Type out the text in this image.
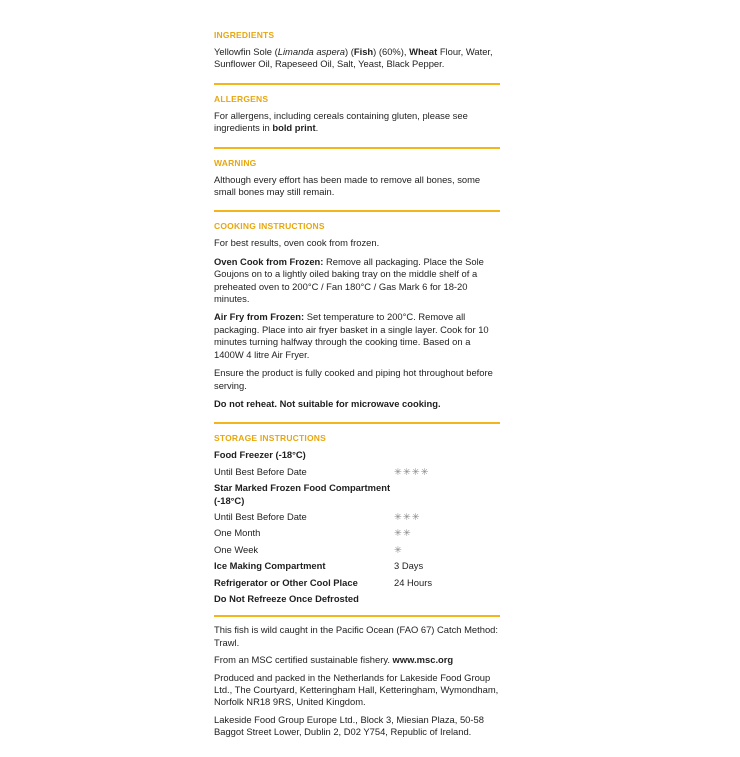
INGREDIENTS

Yellowfin Sole (Limanda aspera) (Fish) (60%), Wheat Flour, Water, Sunflower Oil, Rapeseed Oil, Salt, Yeast, Black Pepper.

ALLERGENS

For allergens, including cereals containing gluten, please see ingredients in bold print.

WARNING

Although every effort has been made to remove all bones, some small bones may still remain.

COOKING INSTRUCTIONS

For best results, oven cook from frozen.

Oven Cook from Frozen: Remove all packaging. Place the Sole Goujons on to a lightly oiled baking tray on the middle shelf of a preheated oven to 200°C / Fan 180°C / Gas Mark 6 for 18-20 minutes.

Air Fry from Frozen: Set temperature to 200°C. Remove all packaging. Place into air fryer basket in a single layer. Cook for 10 minutes turning halfway through the cooking time. Based on a 1400W 4 litre Air Fryer.

Ensure the product is fully cooked and piping hot throughout before serving.

Do not reheat. Not suitable for microwave cooking.

STORAGE INSTRUCTIONS

Food Freezer (-18°C)

Until Best Before Date	✳✳✳✳
Star Marked Frozen Food Compartment (-18°C)	
Until Best Before Date	✳✳✳
One Month	✳✳
One Week	✳
Ice Making Compartment	3 Days
Refrigerator or Other Cool Place	24 Hours
Do Not Refreeze Once Defrosted	

This fish is wild caught in the Pacific Ocean (FAO 67) Catch Method: Trawl.

From an MSC certified sustainable fishery. www.msc.org

Produced and packed in the Netherlands for Lakeside Food Group Ltd., The Courtyard, Ketteringham Hall, Ketteringham, Wymondham, Norfolk NR18 9RS, United Kingdom.

Lakeside Food Group Europe Ltd., Block 3, Miesian Plaza, 50-58 Baggot Street Lower, Dublin 2, D02 Y754, Republic of Ireland.
